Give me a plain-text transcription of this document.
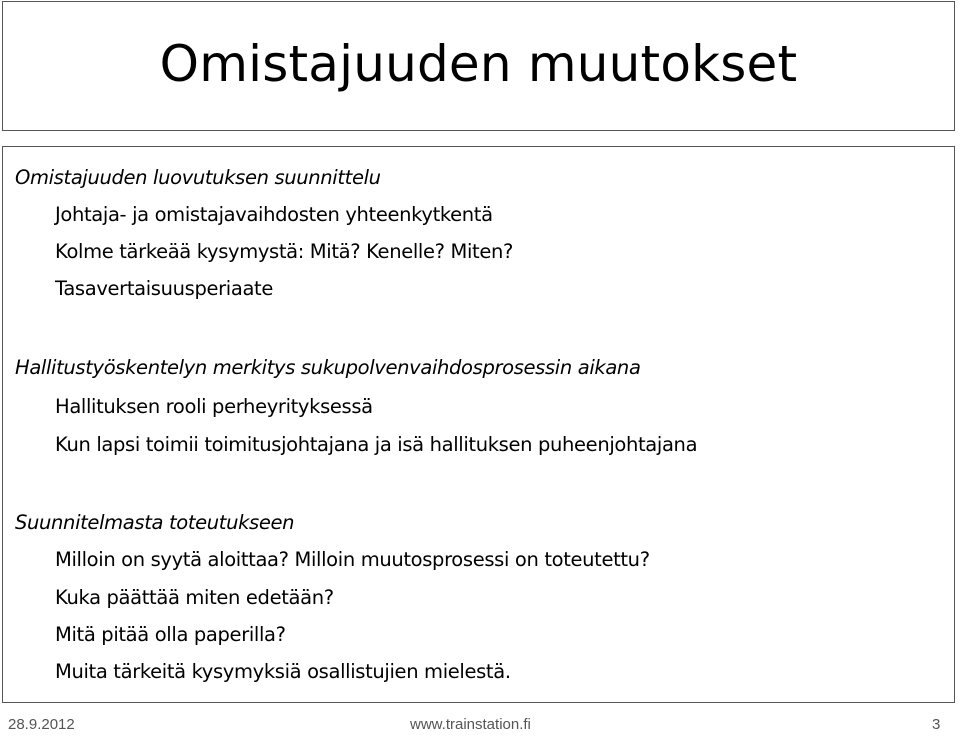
Omistajuuden muutokset
Omistajuuden luovutuksen suunnittelu
Johtaja- ja omistajavaihdosten yhteenkytkentä
Kolme tärkeää kysymystä: Mitä? Kenelle? Miten?
Tasavertaisuusperiaate
Hallitustyöskentelyn merkitys sukupolvenvaihdosprosessin aikana
Hallituksen rooli perheyrityksessä
Kun lapsi toimii toimitusjohtajana ja isä hallituksen puheenjohtajana
Suunnitelmasta toteutukseen
Milloin on syytä aloittaa? Milloin muutosprosessi on toteutettu?
Kuka päättää miten edetään?
Mitä pitää olla paperilla?
Muita tärkeitä kysymyksiä osallistujien mielestä.
28.9.2012	www.trainstation.fi	3
